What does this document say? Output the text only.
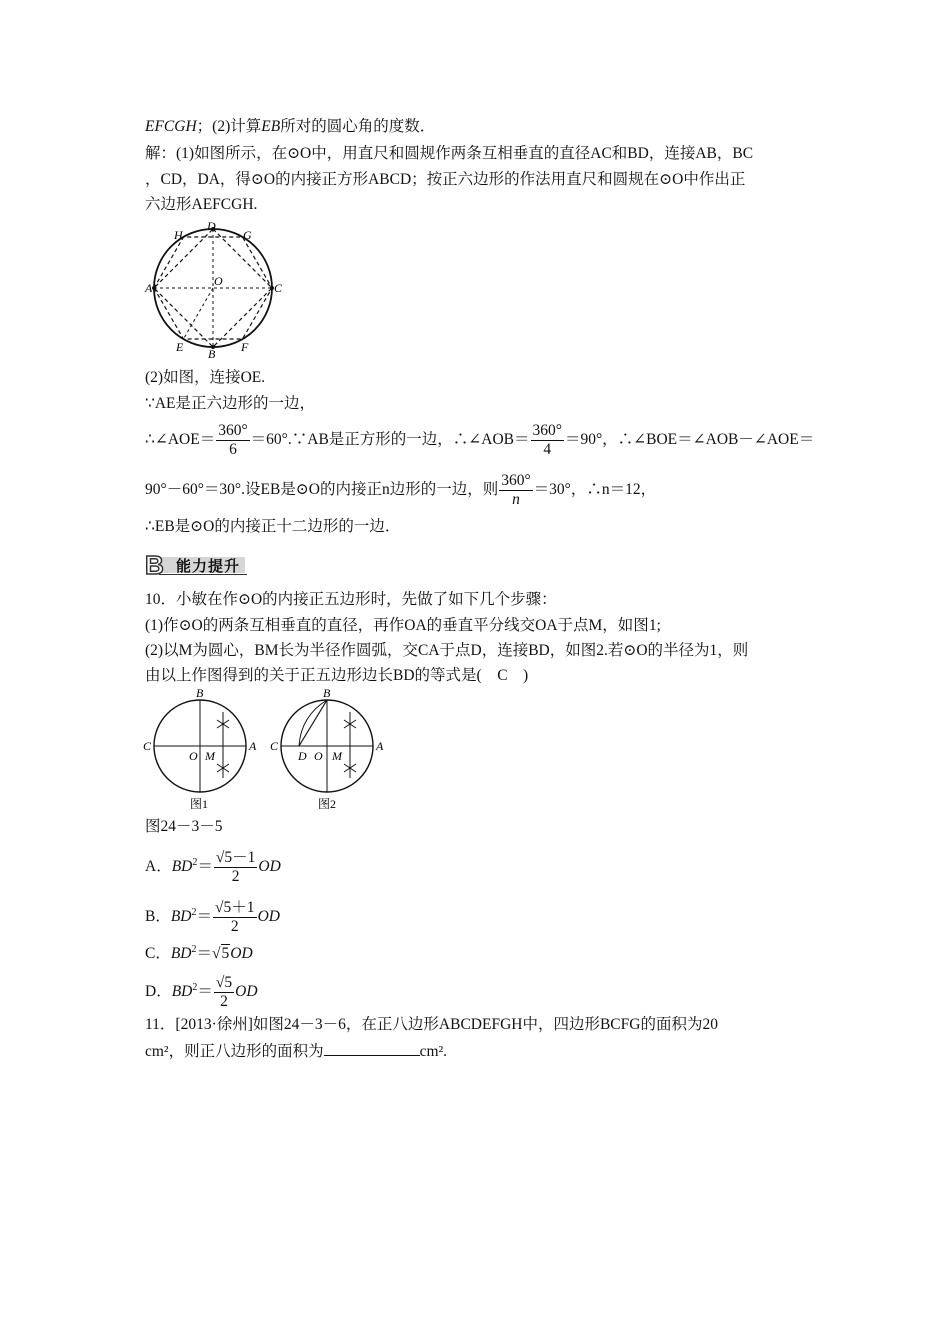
EFCGH；(2)计算EB所对的圆心角的度数．
解：(1)如图所示，在⊙O中，用直尺和圆规作两条互相垂直的直径AC和BD，连接AB，BC
，CD，DA，得⊙O的内接正方形ABCD；按正六边形的作法用直尺和圆规在⊙O中作出正
六边形AEFCGH.
H
D
G
A	O	C
E B F
(2)如图，连接OE.
∵AE是正六边形的一边，
∴∠AOE＝ $\frac{360^\circ}{6}$ ＝60°.∵AB是正方形的一边，∴∠AOB＝ $\frac{360^\circ}{4} =90^\circ$，∴∠BOE＝∠AOB－∠AOE＝
90°－60°＝30°.设EB是⊙O的内接正n边形的一边，则 $\frac{360^\circ}{n} =30^\circ$，∴n＝12，
∴EB是⊙O的内接正十二边形的一边．
B 能力提升
10．小敏在作⊙O的内接正五边形时，先做了如下几个步骤：
(1)作⊙O的两条互相垂直的直径，再作OA的垂直平分线交OA于点M，如图1;
(2)以M为圆心，BM长为半径作圆弧，交CA于点D，连接BD，如图2.若⊙O的半径为1，则
由以上作图得到的关于正五边形边长BD的等式是(　C　)
B
C	A
O M
图1
B
C	A
D O M
图2
图24－3－5
A．$BD^2= \frac{√5-1}{2}$ OD
B．$BD^2= \frac{√5+1}{2}$ OD
C．$BD^2=√5OD$
D．$BD^2= \frac{√5}{2}$ OD
11．[2013·徐州]如图24－3－6，在正八边形ABCDEFGH中，四边形BCFG的面积为20
cm²，则正八边形的面积为	cm².
